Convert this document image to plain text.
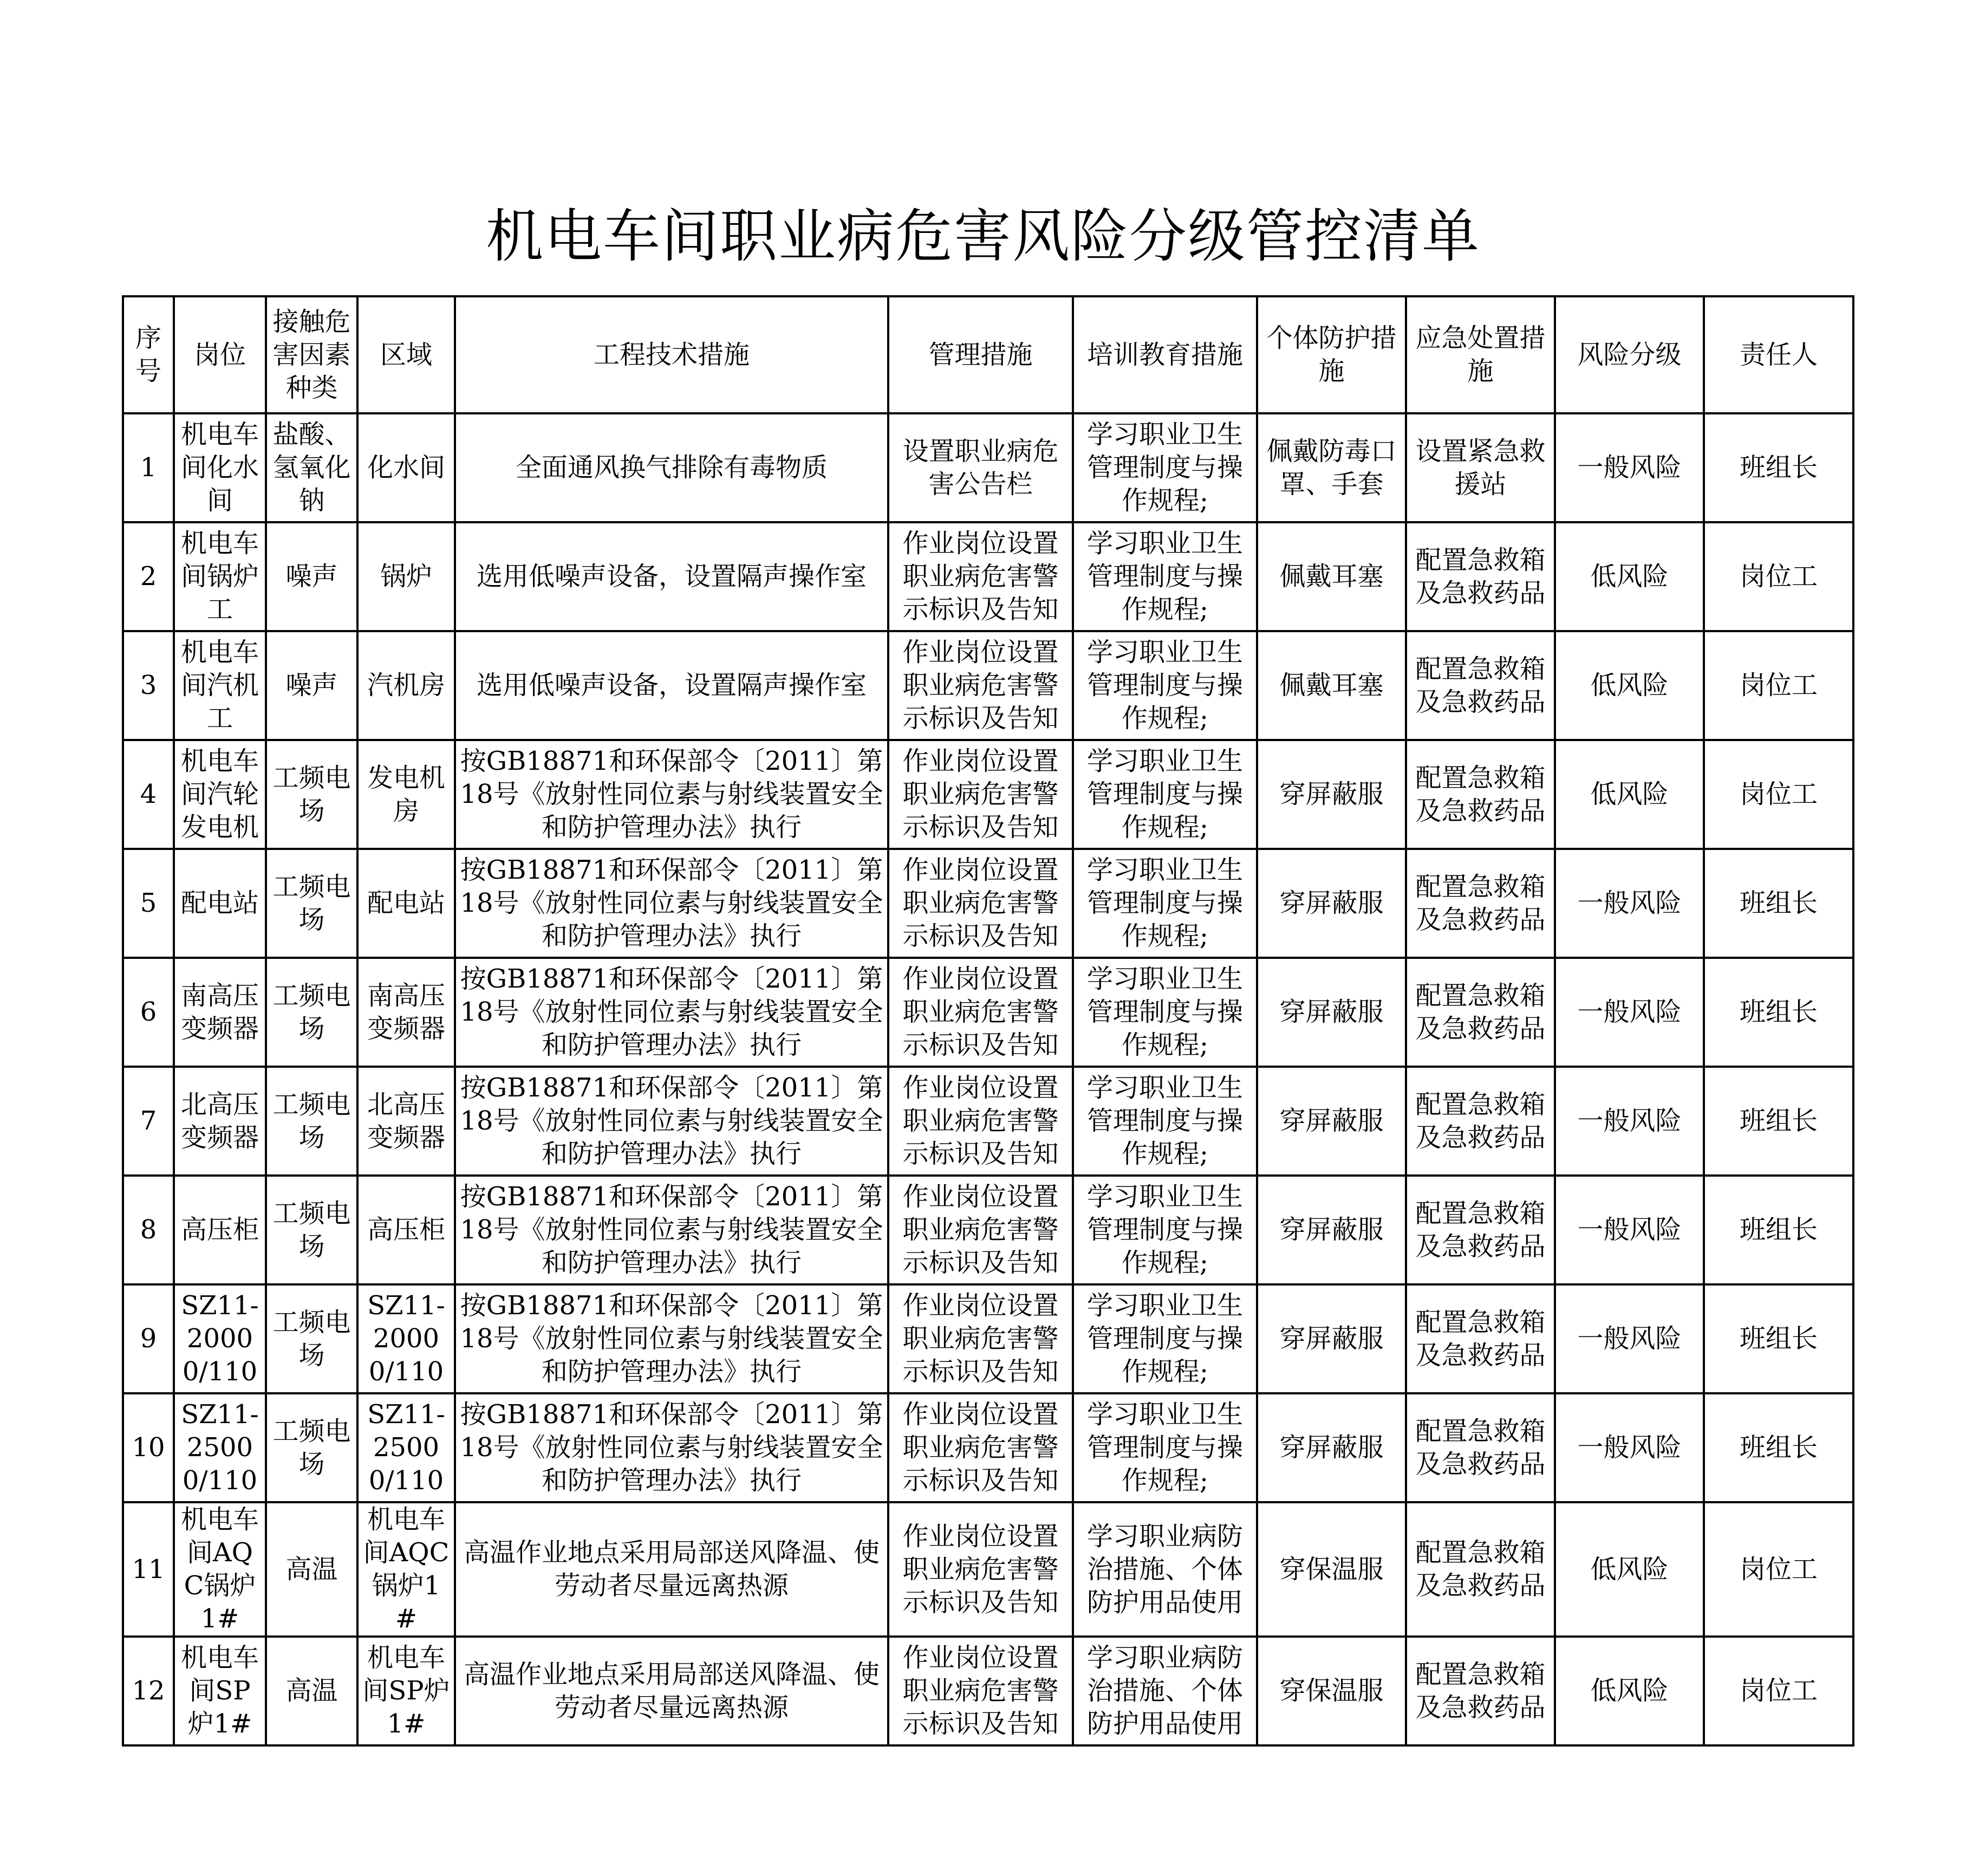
机电车间职业病危害风险分级管控清单
序号	岗位	接触危害因素种类	区域	工程技术措施	管理措施	培训教育措施	个体防护措施	应急处置措施	风险分级	责任人
1	机电车间化水间	盐酸、氢氧化钠	化水间	全面通风换气排除有毒物质	设置职业病危害公告栏	学习职业卫生管理制度与操作规程;	佩戴防毒口罩、手套	设置紧急救援站	一般风险	班组长
2	机电车间锅炉工	噪声	锅炉	选用低噪声设备，设置隔声操作室	作业岗位设置职业病危害警示标识及告知	学习职业卫生管理制度与操作规程;	佩戴耳塞	配置急救箱及急救药品	低风险	岗位工
3	机电车间汽机工	噪声	汽机房	选用低噪声设备，设置隔声操作室	作业岗位设置职业病危害警示标识及告知	学习职业卫生管理制度与操作规程;	佩戴耳塞	配置急救箱及急救药品	低风险	岗位工
4	机电车间汽轮发电机	工频电场	发电机房	按GB18871和环保部令〔2011〕第18号《放射性同位素与射线装置安全和防护管理办法》执行	作业岗位设置职业病危害警示标识及告知	学习职业卫生管理制度与操作规程;	穿屏蔽服	配置急救箱及急救药品	低风险	岗位工
5	配电站	工频电场	配电站	按GB18871和环保部令〔2011〕第18号《放射性同位素与射线装置安全和防护管理办法》执行	作业岗位设置职业病危害警示标识及告知	学习职业卫生管理制度与操作规程;	穿屏蔽服	配置急救箱及急救药品	一般风险	班组长
6	南高压变频器	工频电场	南高压变频器	按GB18871和环保部令〔2011〕第18号《放射性同位素与射线装置安全和防护管理办法》执行	作业岗位设置职业病危害警示标识及告知	学习职业卫生管理制度与操作规程;	穿屏蔽服	配置急救箱及急救药品	一般风险	班组长
7	北高压变频器	工频电场	北高压变频器	按GB18871和环保部令〔2011〕第18号《放射性同位素与射线装置安全和防护管理办法》执行	作业岗位设置职业病危害警示标识及告知	学习职业卫生管理制度与操作规程;	穿屏蔽服	配置急救箱及急救药品	一般风险	班组长
8	高压柜	工频电场	高压柜	按GB18871和环保部令〔2011〕第18号《放射性同位素与射线装置安全和防护管理办法》执行	作业岗位设置职业病危害警示标识及告知	学习职业卫生管理制度与操作规程;	穿屏蔽服	配置急救箱及急救药品	一般风险	班组长
9	SZ11-20000/110	工频电场	SZ11-20000/110	按GB18871和环保部令〔2011〕第18号《放射性同位素与射线装置安全和防护管理办法》执行	作业岗位设置职业病危害警示标识及告知	学习职业卫生管理制度与操作规程;	穿屏蔽服	配置急救箱及急救药品	一般风险	班组长
10	SZ11-25000/110	工频电场	SZ11-25000/110	按GB18871和环保部令〔2011〕第18号《放射性同位素与射线装置安全和防护管理办法》执行	作业岗位设置职业病危害警示标识及告知	学习职业卫生管理制度与操作规程;	穿屏蔽服	配置急救箱及急救药品	一般风险	班组长
11	机电车间AQC锅炉1#	高温	机电车间AQC锅炉1#	高温作业地点采用局部送风降温、使劳动者尽量远离热源	作业岗位设置职业病危害警示标识及告知	学习职业病防治措施、个体防护用品使用	穿保温服	配置急救箱及急救药品	低风险	岗位工
12	机电车间SP炉1#	高温	机电车间SP炉1#	高温作业地点采用局部送风降温、使劳动者尽量远离热源	作业岗位设置职业病危害警示标识及告知	学习职业病防治措施、个体防护用品使用	穿保温服	配置急救箱及急救药品	低风险	岗位工
